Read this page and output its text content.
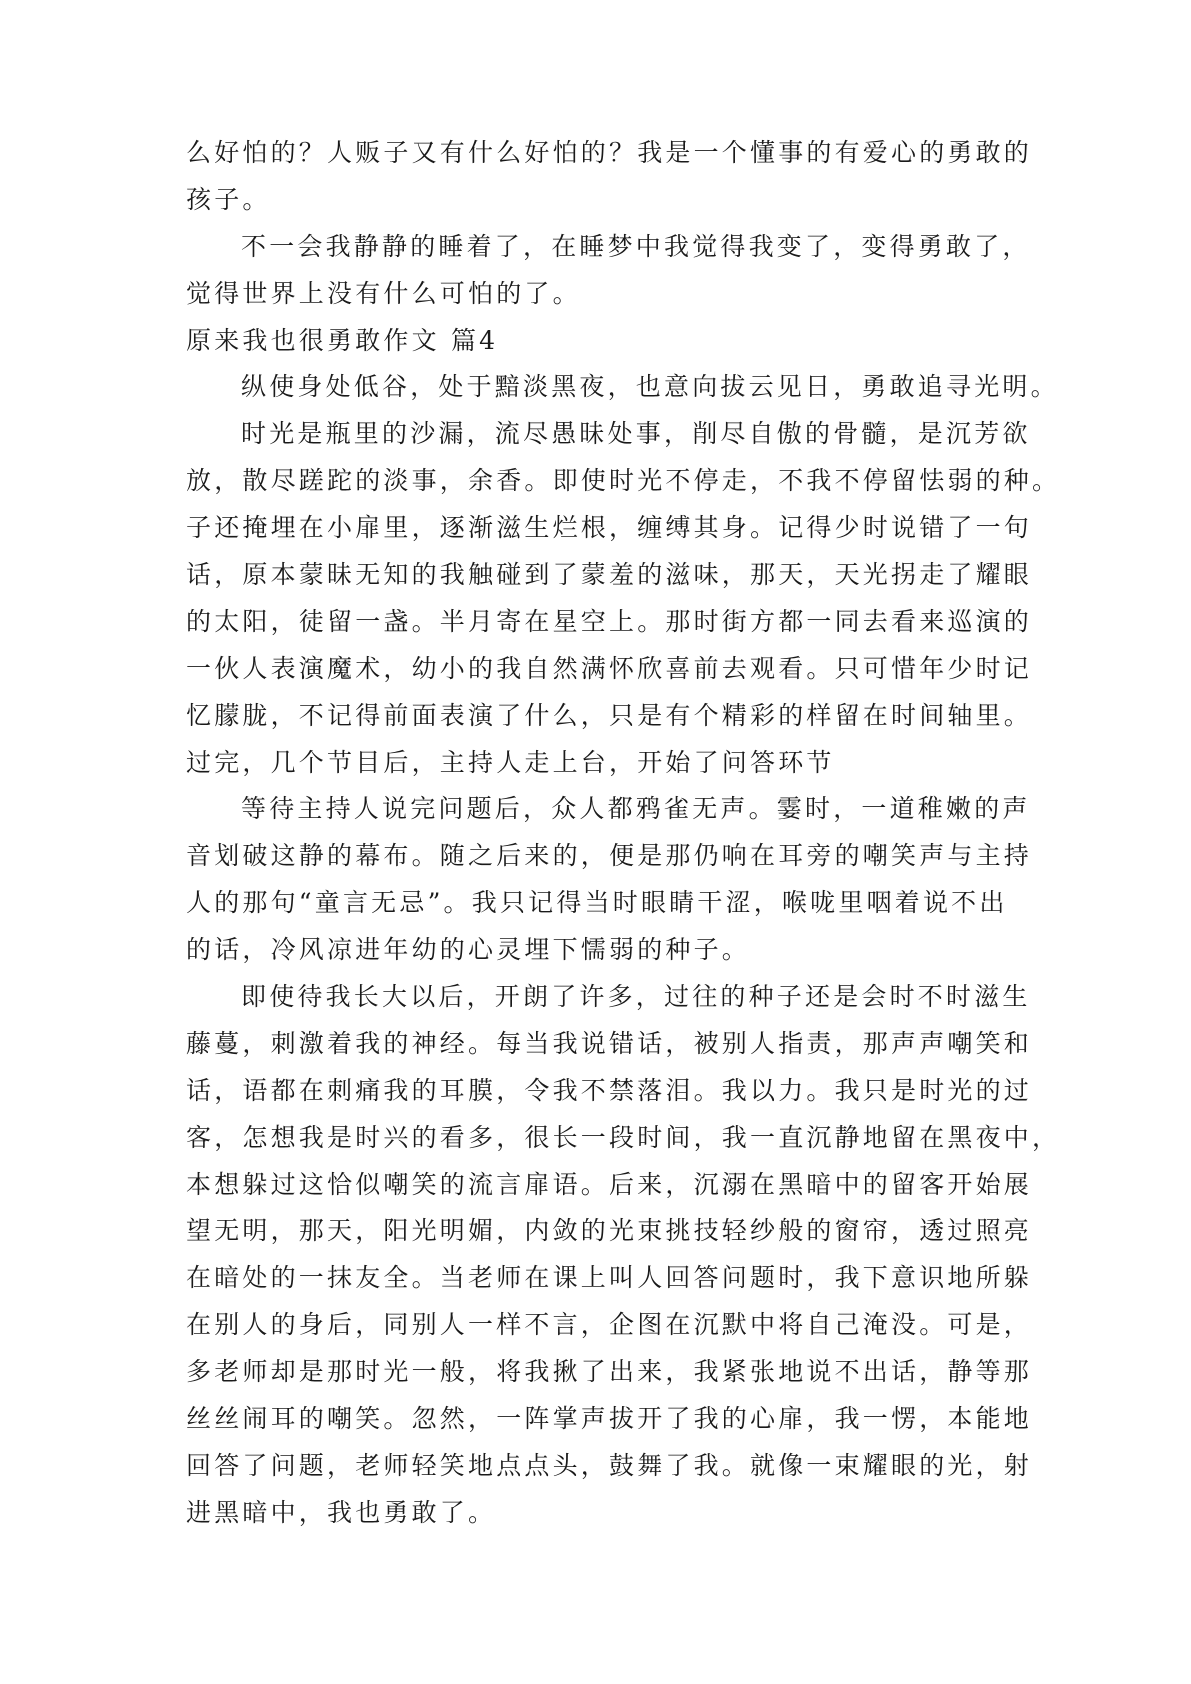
么好怕的？人贩子又有什么好怕的？我是一个懂事的有爱心的勇敢的
孩子。
不一会我静静的睡着了，在睡梦中我觉得我变了，变得勇敢了，
觉得世界上没有什么可怕的了。
原来我也很勇敢作文 篇4
纵使身处低谷，处于黯淡黑夜，也意向拔云见日，勇敢追寻光明。
时光是瓶里的沙漏，流尽愚昧处事，削尽自傲的骨髓，是沉芳欲
放，散尽蹉跎的淡事，余香。即使时光不停走，不我不停留怯弱的种。
子还掩埋在小扉里，逐渐滋生烂根，缠缚其身。记得少时说错了一句
话，原本蒙昧无知的我触碰到了蒙羞的滋味，那天，天光拐走了耀眼
的太阳，徒留一盏。半月寄在星空上。那时街方都一同去看来巡演的
一伙人表演魔术，幼小的我自然满怀欣喜前去观看。只可惜年少时记
忆朦胧，不记得前面表演了什么，只是有个精彩的样留在时间轴里。
过完，几个节目后，主持人走上台，开始了问答环节
等待主持人说完问题后，众人都鸦雀无声。霎时，一道稚嫩的声
音划破这静的幕布。随之后来的，便是那仍响在耳旁的嘲笑声与主持
人的那句“童言无忌”。我只记得当时眼睛干涩，喉咙里咽着说不出
的话，冷风凉进年幼的心灵埋下懦弱的种子。
即使待我长大以后，开朗了许多，过往的种子还是会时不时滋生
藤蔓，刺激着我的神经。每当我说错话，被别人指责，那声声嘲笑和
话，语都在刺痛我的耳膜，令我不禁落泪。我以力。我只是时光的过
客，怎想我是时兴的看多，很长一段时间，我一直沉静地留在黑夜中，
本想躲过这恰似嘲笑的流言扉语。后来，沉溺在黑暗中的留客开始展
望无明，那天，阳光明媚，内敛的光束挑技轻纱般的窗帘，透过照亮
在暗处的一抹友全。当老师在课上叫人回答问题时，我下意识地所躲
在别人的身后，同别人一样不言，企图在沉默中将自己淹没。可是，
多老师却是那时光一般，将我揪了出来，我紧张地说不出话，静等那
丝丝闹耳的嘲笑。忽然，一阵掌声拔开了我的心扉，我一愣，本能地
回答了问题，老师轻笑地点点头，鼓舞了我。就像一束耀眼的光，射
进黑暗中，我也勇敢了。
